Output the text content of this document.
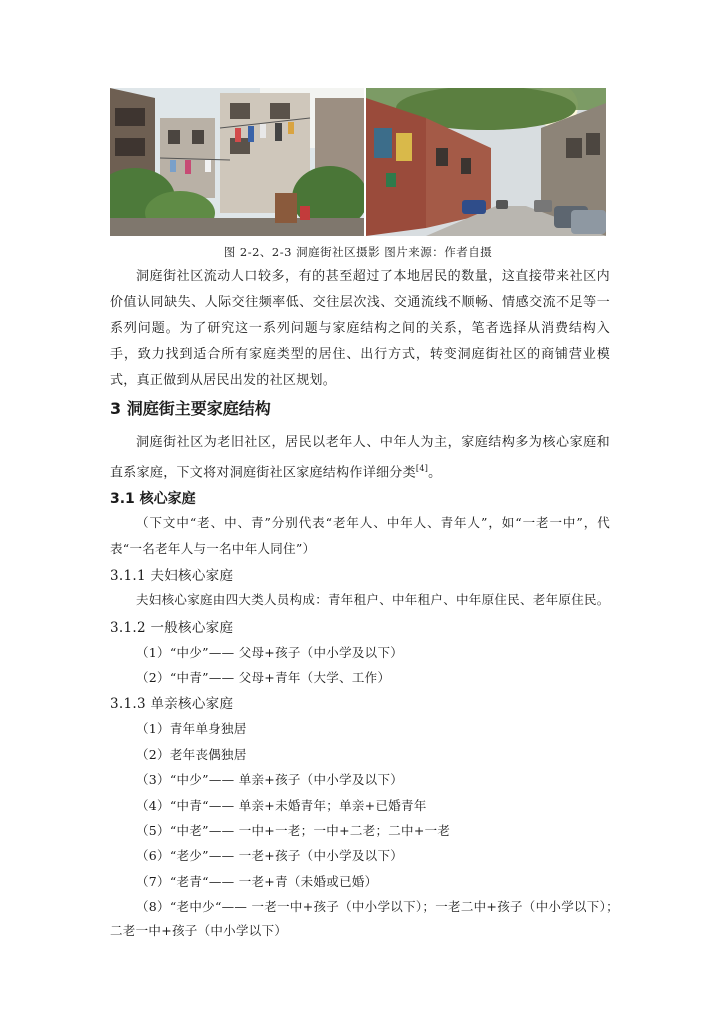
图 2-2、2-3 洞庭街社区摄影 图片来源：作者自摄
洞庭街社区流动人口较多，有的甚至超过了本地居民的数量，这直接带来社区内价值认同缺失、人际交往频率低、交往层次浅、交通流线不顺畅、情感交流不足等一系列问题。为了研究这一系列问题与家庭结构之间的关系，笔者选择从消费结构入手，致力找到适合所有家庭类型的居住、出行方式，转变洞庭街社区的商铺营业模式，真正做到从居民出发的社区规划。
3 洞庭街主要家庭结构
洞庭街社区为老旧社区，居民以老年人、中年人为主，家庭结构多为核心家庭和直系家庭，下文将对洞庭街社区家庭结构作详细分类[4]。
3.1 核心家庭
（下文中“老、中、青”分别代表“老年人、中年人、青年人”，如“一老一中”，代表“一名老年人与一名中年人同住”）
3.1.1 夫妇核心家庭
夫妇核心家庭由四大类人员构成：青年租户、中年租户、中年原住民、老年原住民。
3.1.2 一般核心家庭
（1）“中少”—— 父母+孩子（中小学及以下）
（2）“中青”—— 父母+青年（大学、工作）
3.1.3 单亲核心家庭
（1）青年单身独居
（2）老年丧偶独居
（3）“中少”—— 单亲+孩子（中小学及以下）
（4）“中青“—— 单亲+未婚青年；单亲+已婚青年
（5）“中老”—— 一中+一老；一中+二老；二中+一老
（6）“老少”—— 一老+孩子（中小学及以下）
（7）“老青“—— 一老+青（未婚或已婚）
（8）“老中少“—— 一老一中+孩子（中小学以下）；一老二中+孩子（中小学以下）；
二老一中+孩子（中小学以下）
